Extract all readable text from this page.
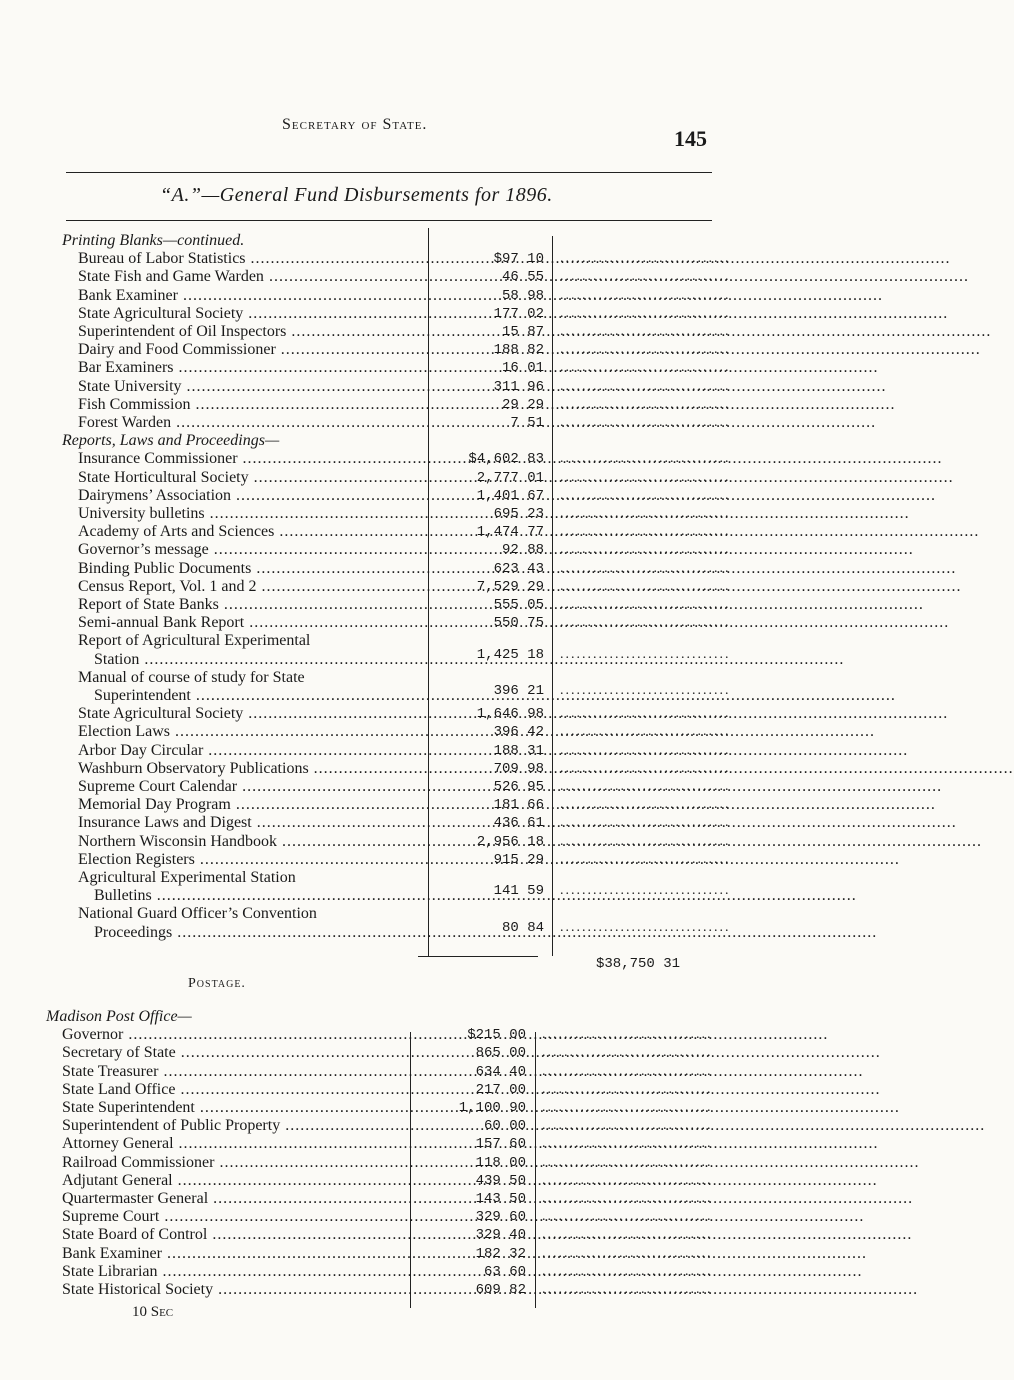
Secretary of State.
145
“A.”—General Fund Disbursements for 1896.
Printing Blanks—continued.
Bureau of Labor Statistics .....	$97 10 ...............................
State Fish and Game Warden .....	46 55 ...............................
Bank Examiner .....	58 98 ...............................
State Agricultural Society .....	177 02 ...............................
Superintendent of Oil Inspectors .....	15 87 ...............................
Dairy and Food Commissioner .....	188 82 ...............................
Bar Examiners .....	16 01 ...............................
State University .....	311 96 ...............................
Fish Commission .....	29 29 ...............................
Forest Warden .....	7 51 ...............................
Reports, Laws and Proceedings—
Insurance Commissioner .....	$4,602 83 ...............................
State Horticultural Society .....	2,777 01 ...............................
Dairymens’ Association .....	1,401 67 ...............................
University bulletins .....	695 23 ...............................
Academy of Arts and Sciences .....	1,474 77 ...............................
Governor’s message .....	92 88 ...............................
Binding Public Documents .....	623 43 ...............................
Census Report, Vol. 1 and 2 .....	7,529 29 ...............................
Report of State Banks .....	555 05 ...............................
Semi-annual Bank Report .....	550 75 ...............................
Report of Agricultural Experimental
Station .....	1,425 18 ...............................
Manual of course of study for State
Superintendent .....	396 21 ...............................
State Agricultural Society .....	1,646 98 ...............................
Election Laws .....	396 42 ...............................
Arbor Day Circular .....	188 31 ...............................
Washburn Observatory Publications .....	709 98 ...............................
Supreme Court Calendar .....	526 95 ...............................
Memorial Day Program .....	181 66 ...............................
Insurance Laws and Digest .....	436 61 ...............................
Northern Wisconsin Handbook .....	2,956 18 ...............................
Election Registers .....	915 29 ...............................
Agricultural Experimental Station
Bulletins .....	141 59 ...............................
National Guard Officer’s Convention
Proceedings .....	80 84 ...............................
Madison Post Office—
Governor .....	$215 00 ...............................
Secretary of State .....	865 00 ...............................
State Treasurer .....	634 40 ...............................
State Land Office .....	217 00 ...............................
State Superintendent .....	1,100 90 ...............................
Superintendent of Public Property .....	60 00 ...............................
Attorney General .....	157 60 ...............................
Railroad Commissioner .....	118 00 ...............................
Adjutant General .....	439 50 ...............................
Quartermaster General .....	143 50 ...............................
Supreme Court .....	329 60 ...............................
State Board of Control .....	329 40 ...............................
Bank Examiner .....	182 32 ...............................
State Librarian .....	63 60 ...............................
State Historical Society .....	609 82 ...............................
$38,750 31
Postage.
10 Sec
